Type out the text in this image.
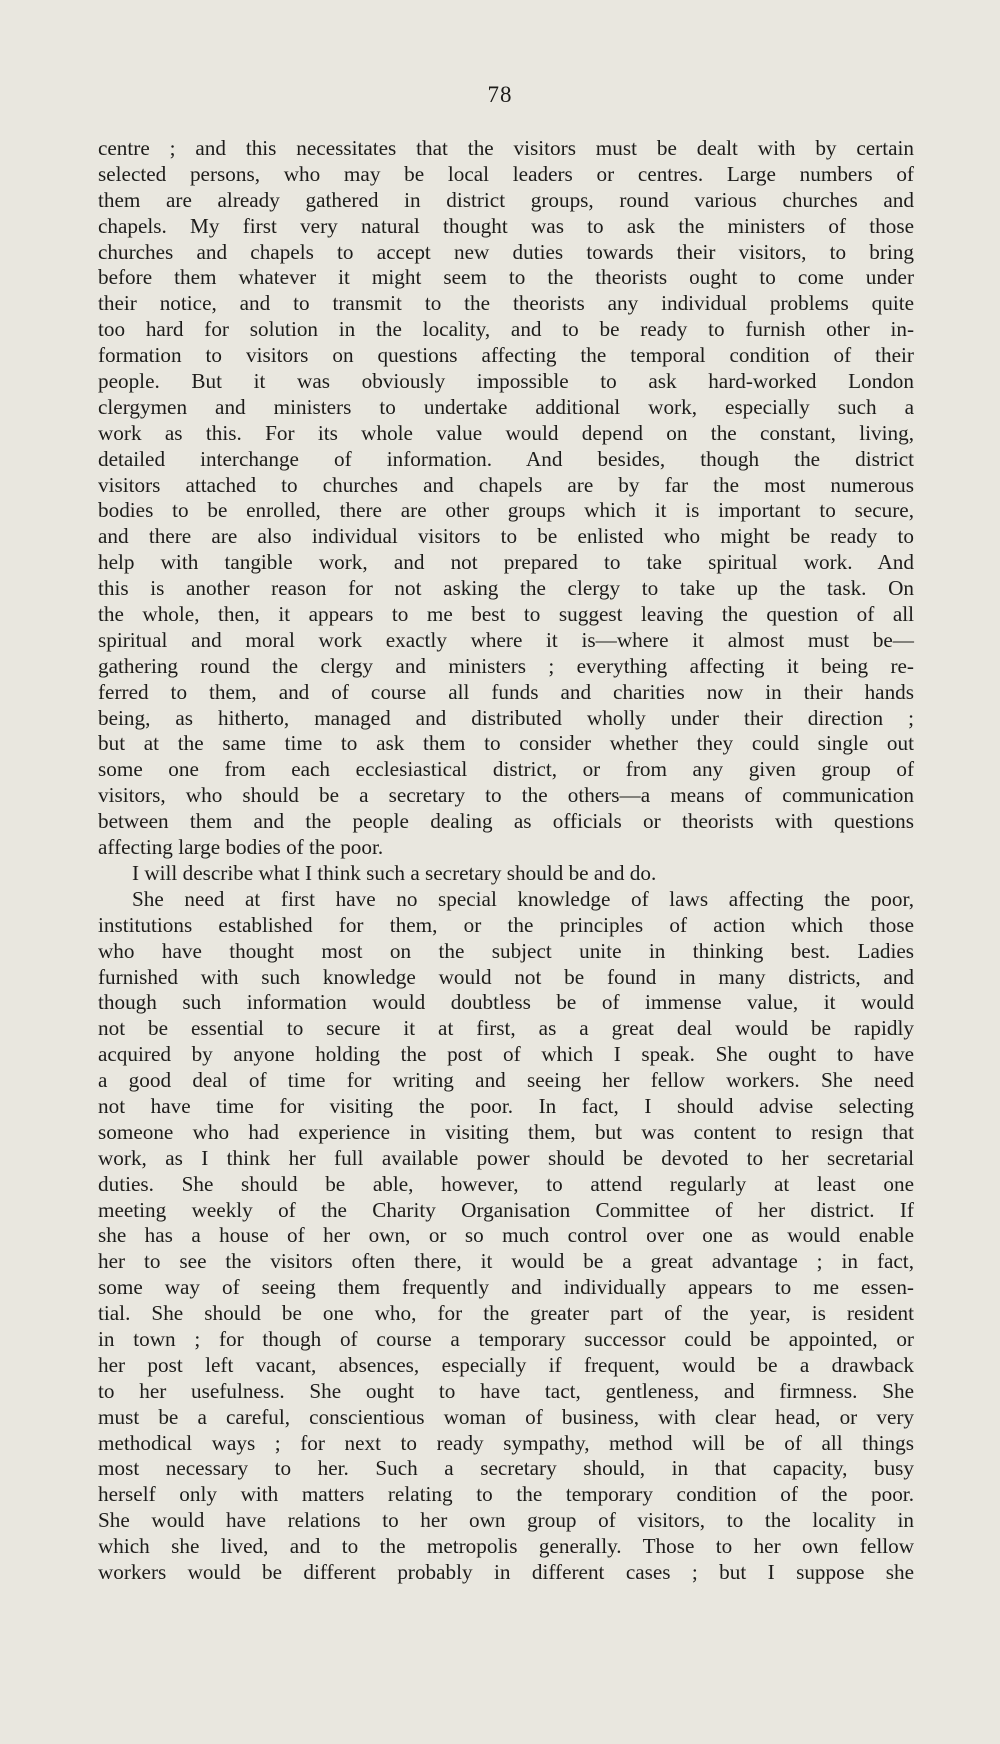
78
centre ; and this necessitates that the visitors must be dealt with by certain
selected persons, who may be local leaders or centres. Large numbers of
them are already gathered in district groups, round various churches and
chapels. My first very natural thought was to ask the ministers of those
churches and chapels to accept new duties towards their visitors, to bring
before them whatever it might seem to the theorists ought to come under
their notice, and to transmit to the theorists any individual problems quite
too hard for solution in the locality, and to be ready to furnish other in-
formation to visitors on questions affecting the temporal condition of their
people. But it was obviously impossible to ask hard-worked London
clergymen and ministers to undertake additional work, especially such a
work as this. For its whole value would depend on the constant, living,
detailed interchange of information. And besides, though the district
visitors attached to churches and chapels are by far the most numerous
bodies to be enrolled, there are other groups which it is important to secure,
and there are also individual visitors to be enlisted who might be ready to
help with tangible work, and not prepared to take spiritual work. And
this is another reason for not asking the clergy to take up the task. On
the whole, then, it appears to me best to suggest leaving the question of all
spiritual and moral work exactly where it is—where it almost must be—
gathering round the clergy and ministers ; everything affecting it being re-
ferred to them, and of course all funds and charities now in their hands
being, as hitherto, managed and distributed wholly under their direction ;
but at the same time to ask them to consider whether they could single out
some one from each ecclesiastical district, or from any given group of
visitors, who should be a secretary to the others—a means of communication
between them and the people dealing as officials or theorists with questions
affecting large bodies of the poor.
I will describe what I think such a secretary should be and do.
She need at first have no special knowledge of laws affecting the poor,
institutions established for them, or the principles of action which those
who have thought most on the subject unite in thinking best. Ladies
furnished with such knowledge would not be found in many districts, and
though such information would doubtless be of immense value, it would
not be essential to secure it at first, as a great deal would be rapidly
acquired by anyone holding the post of which I speak. She ought to have
a good deal of time for writing and seeing her fellow workers. She need
not have time for visiting the poor. In fact, I should advise selecting
someone who had experience in visiting them, but was content to resign that
work, as I think her full available power should be devoted to her secretarial
duties. She should be able, however, to attend regularly at least one
meeting weekly of the Charity Organisation Committee of her district. If
she has a house of her own, or so much control over one as would enable
her to see the visitors often there, it would be a great advantage ; in fact,
some way of seeing them frequently and individually appears to me essen-
tial. She should be one who, for the greater part of the year, is resident
in town ; for though of course a temporary successor could be appointed, or
her post left vacant, absences, especially if frequent, would be a drawback
to her usefulness. She ought to have tact, gentleness, and firmness. She
must be a careful, conscientious woman of business, with clear head, or very
methodical ways ; for next to ready sympathy, method will be of all things
most necessary to her. Such a secretary should, in that capacity, busy
herself only with matters relating to the temporary condition of the poor.
She would have relations to her own group of visitors, to the locality in
which she lived, and to the metropolis generally. Those to her own fellow
workers would be different probably in different cases ; but I suppose she
